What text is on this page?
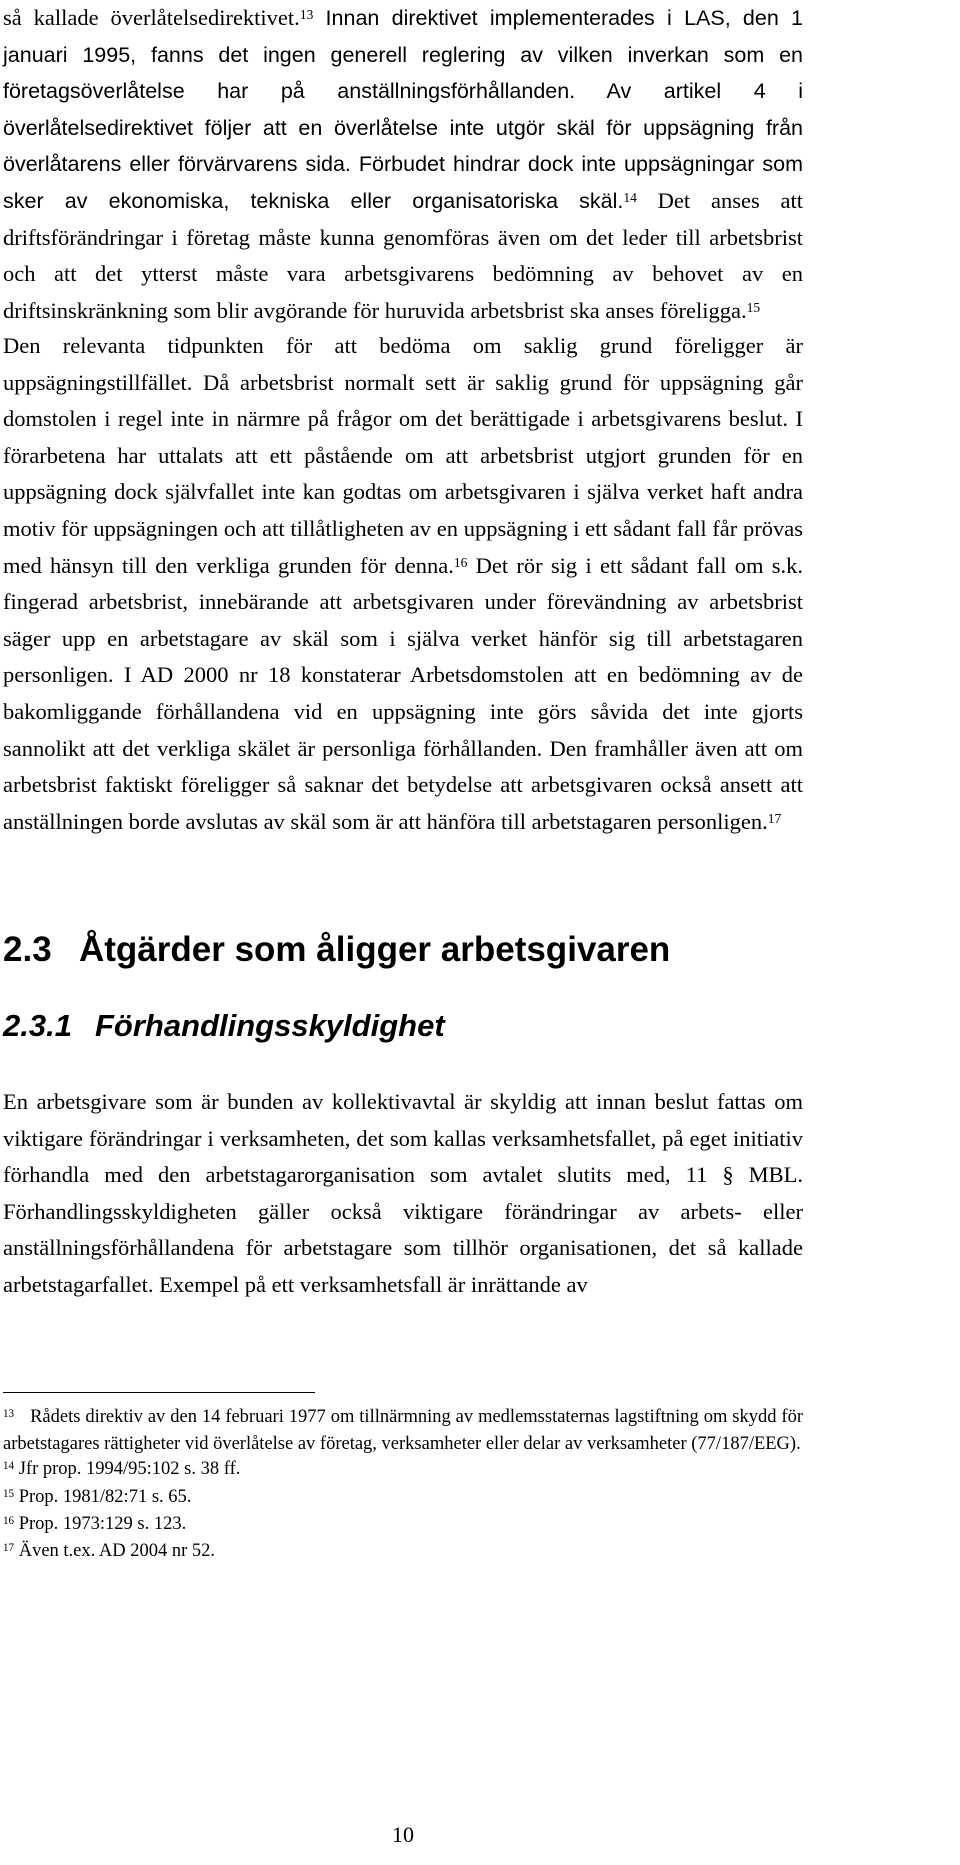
så kallade överlåtelsedirektivet.$^{13}$ Innan direktivet implementerades i LAS, den 1 januari 1995, fanns det ingen generell reglering av vilken inverkan som en företagsöverlåtelse har på anställningsförhållanden. Av artikel 4 i överlåtelsedirektivet följer att en överlåtelse inte utgör skäl för uppsägning från överlåtarens eller förvärvarens sida. Förbudet hindrar dock inte uppsägningar som sker av ekonomiska, tekniska eller organisatoriska skäl.$^{14}$ Det anses att driftsförändringar i företag måste kunna genomföras även om det leder till arbetsbrist och att det ytterst måste vara arbetsgivarens bedömning av behovet av en driftsinskränkning som blir avgörande för huruvida arbetsbrist ska anses föreligga.$^{15}$

Den relevanta tidpunkten för att bedöma om saklig grund föreligger är uppsägningstillfället. Då arbetsbrist normalt sett är saklig grund för uppsägning går domstolen i regel inte in närmre på frågor om det berättigade i arbetsgivarens beslut. I förarbetena har uttalats att ett påstående om att arbetsbrist utgjort grunden för en uppsägning dock självfallet inte kan godtas om arbetsgivaren i själva verket haft andra motiv för uppsägningen och att tillåtligheten av en uppsägning i ett sådant fall får prövas med hänsyn till den verkliga grunden för denna.$^{16}$ Det rör sig i ett sådant fall om s.k. fingerad arbetsbrist, innebärande att arbetsgivaren under förevändning av arbetsbrist säger upp en arbetstagare av skäl som i själva verket hänför sig till arbetstagaren personligen. I AD 2000 nr 18 konstaterar Arbetsdomstolen att en bedömning av de bakomliggande förhållandena vid en uppsägning inte görs såvida det inte gjorts sannolikt att det verkliga skälet är personliga förhållanden. Den framhåller även att om arbetsbrist faktiskt föreligger så saknar det betydelse att arbetsgivaren också ansett att anställningen borde avslutas av skäl som är att hänföra till arbetstagaren personligen.$^{17}$

2.3 Åtgärder som åligger arbetsgivaren
2.3.1 Förhandlingsskyldighet

En arbetsgivare som är bunden av kollektivavtal är skyldig att innan beslut fattas om viktigare förändringar i verksamheten, det som kallas verksamhetsfallet, på eget initiativ förhandla med den arbetstagarorganisation som avtalet slutits med, 11 § MBL. Förhandlingsskyldigheten gäller också viktigare förändringar av arbets- eller anställningsförhållandena för arbetstagare som tillhör organisationen, det så kallade arbetstagarfallet. Exempel på ett verksamhetsfall är inrättande av

$^{13}$ Rådets direktiv av den 14 februari 1977 om tillnärmning av medlemsstaternas lagstiftning om skydd för arbetstagares rättigheter vid överlåtelse av företag, verksamheter eller delar av verksamheter (77/187/EEG).

$^{14}$ Jfr prop. 1994/95:102 s. 38 ff.

$^{15}$ Prop. 1981/82:71 s. 65.

$^{16}$ Prop. 1973:129 s. 123.

$^{17}$ Även t.ex. AD 2004 nr 52.

10
